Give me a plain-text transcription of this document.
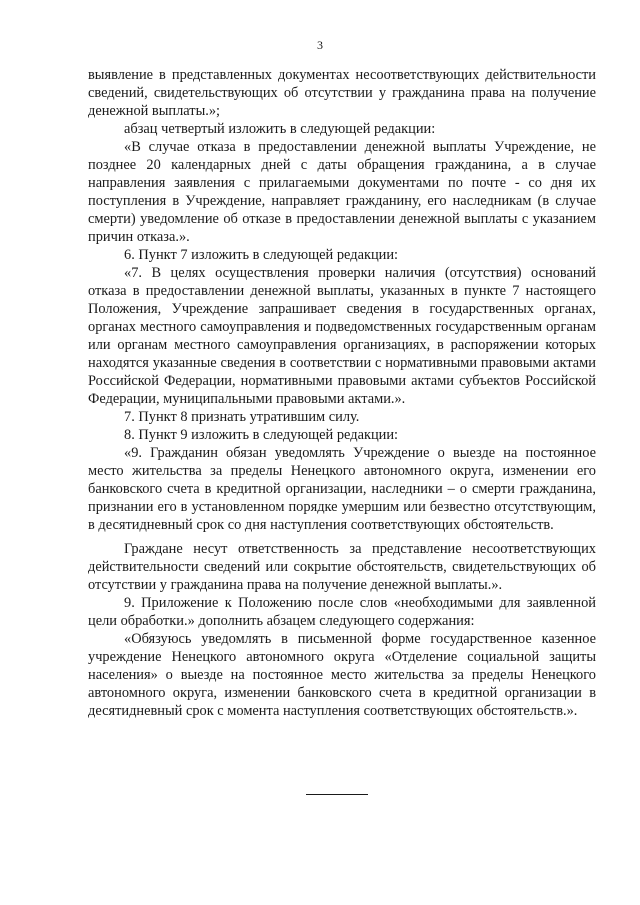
3

выявление в представленных документах несоответствующих действительности сведений, свидетельствующих об отсутствии у гражданина права на получение денежной выплаты.»;

абзац четвертый изложить в следующей редакции:

«В случае отказа в предоставлении денежной выплаты Учреждение, не позднее 20 календарных дней с даты обращения гражданина, а в случае направления заявления с прилагаемыми документами по почте - со дня их поступления в Учреждение, направляет гражданину, его наследникам (в случае смерти) уведомление об отказе в предоставлении денежной выплаты с указанием причин отказа.».

6. Пункт 7 изложить в следующей редакции:

«7. В целях осуществления проверки наличия (отсутствия) оснований отказа в предоставлении денежной выплаты, указанных в пункте 7 настоящего Положения, Учреждение запрашивает сведения в государственных органах, органах местного самоуправления и подведомственных государственным органам или органам местного самоуправления организациях, в распоряжении которых находятся указанные сведения в соответствии с нормативными правовыми актами Российской Федерации, нормативными правовыми актами субъектов Российской Федерации, муниципальными правовыми актами.».

7. Пункт 8 признать утратившим силу.

8. Пункт 9 изложить в следующей редакции:

«9. Гражданин обязан уведомлять Учреждение о выезде на постоянное место жительства за пределы Ненецкого автономного округа, изменении его банковского счета в кредитной организации, наследники – о смерти гражданина, признании его в установленном порядке умершим или безвестно отсутствующим, в десятидневный срок со дня наступления соответствующих обстоятельств.

Граждане несут ответственность за представление несоответствующих действительности сведений или сокрытие обстоятельств, свидетельствующих об отсутствии у гражданина права на получение денежной выплаты.».

9. Приложение к Положению после слов «необходимыми для заявленной цели обработки.» дополнить абзацем следующего содержания:

«Обязуюсь уведомлять в письменной форме государственное казенное учреждение Ненецкого автономного округа «Отделение социальной защиты населения» о выезде на постоянное место жительства за пределы Ненецкого автономного округа, изменении банковского счета в кредитной организации в десятидневный срок с момента наступления соответствующих обстоятельств.».
